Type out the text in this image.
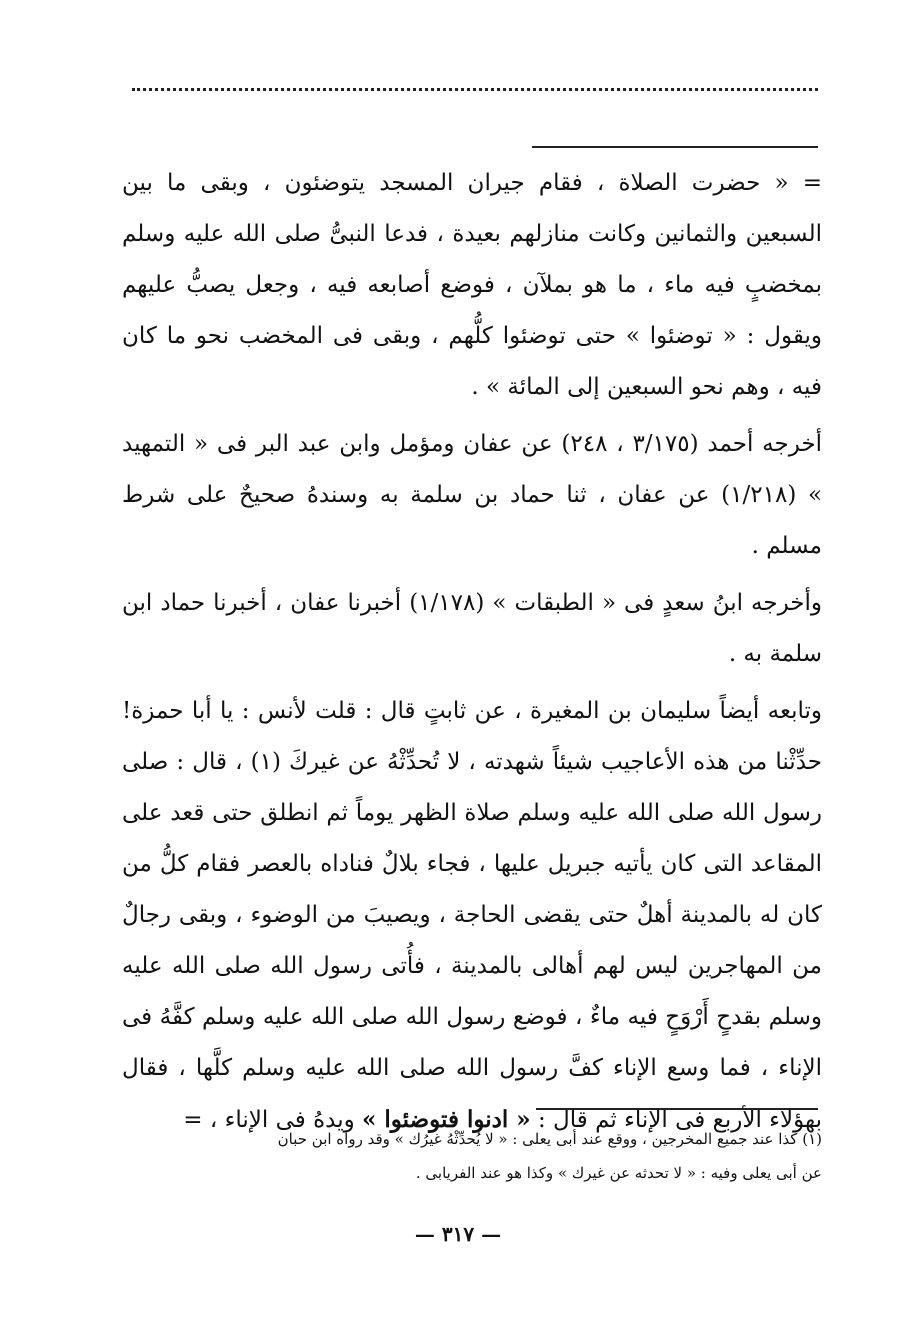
= « حضرت الصلاة ، فقام جيران المسجد يتوضئون ، وبقى ما بين السبعين والثمانين وكانت منازلهم بعيدة ، فدعا النبىُّ صلى الله عليه وسلم بمخضبٍ فيه ماء ، ما هو بملآن ، فوضع أصابعه فيه ، وجعل يصبُّ عليهم ويقول : « توضئوا » حتى توضئوا كلُّهم ، وبقى فى المخضب نحو ما كان فيه ، وهم نحو السبعين إلى المائة » .

أخرجه أحمد (٣/١٧٥ ، ٢٤٨) عن عفان ومؤمل وابن عبد البر فى « التمهيد » (١/٢١٨) عن عفان ، ثنا حماد بن سلمة به وسندهُ صحيحٌ على شرط مسلم .

وأخرجه ابنُ سعدٍ فى « الطبقات » (١/١٧٨) أخبرنا عفان ، أخبرنا حماد ابن سلمة به .

وتابعه أيضاً سليمان بن المغيرة ، عن ثابتٍ قال : قلت لأنس : يا أبا حمزة! حدِّثْنا من هذه الأعاجيب شيئاً شهدته ، لا تُحدِّثْهُ عن غيركَ (١) ، قال : صلى رسول الله صلى الله عليه وسلم صلاة الظهر يوماً ثم انطلق حتى قعد على المقاعد التى كان يأتيه جبريل عليها ، فجاء بلالٌ فناداه بالعصر فقام كلُّ من كان له بالمدينة أهلٌ حتى يقضى الحاجة ، ويصيبَ من الوضوء ، وبقى رجالٌ من المهاجرين ليس لهم أهالى بالمدينة ، فأُتى رسول الله صلى الله عليه وسلم بقدحٍ أَرْوَحٍ فيه ماءٌ ، فوضع رسول الله صلى الله عليه وسلم كفَّهُ فى الإناء ، فما وسع الإناء كفَّ رسول الله صلى الله عليه وسلم كلَّها ، فقال بهؤلاء الأربع فى الإناء ثم قال : « ادنوا فتوضئوا » ويدهُ فى الإناء ، =

(١) كذا عند جميع المخرجين ، ووقع عند أبى يعلى : « لا يُحدِّثْهُ غيرُك » وقد رواه ابن حبان

عن أبى يعلى وفيه : « لا تحدثه عن غيرك » وكذا هو عند الفريابى .

— ٣١٧ —
